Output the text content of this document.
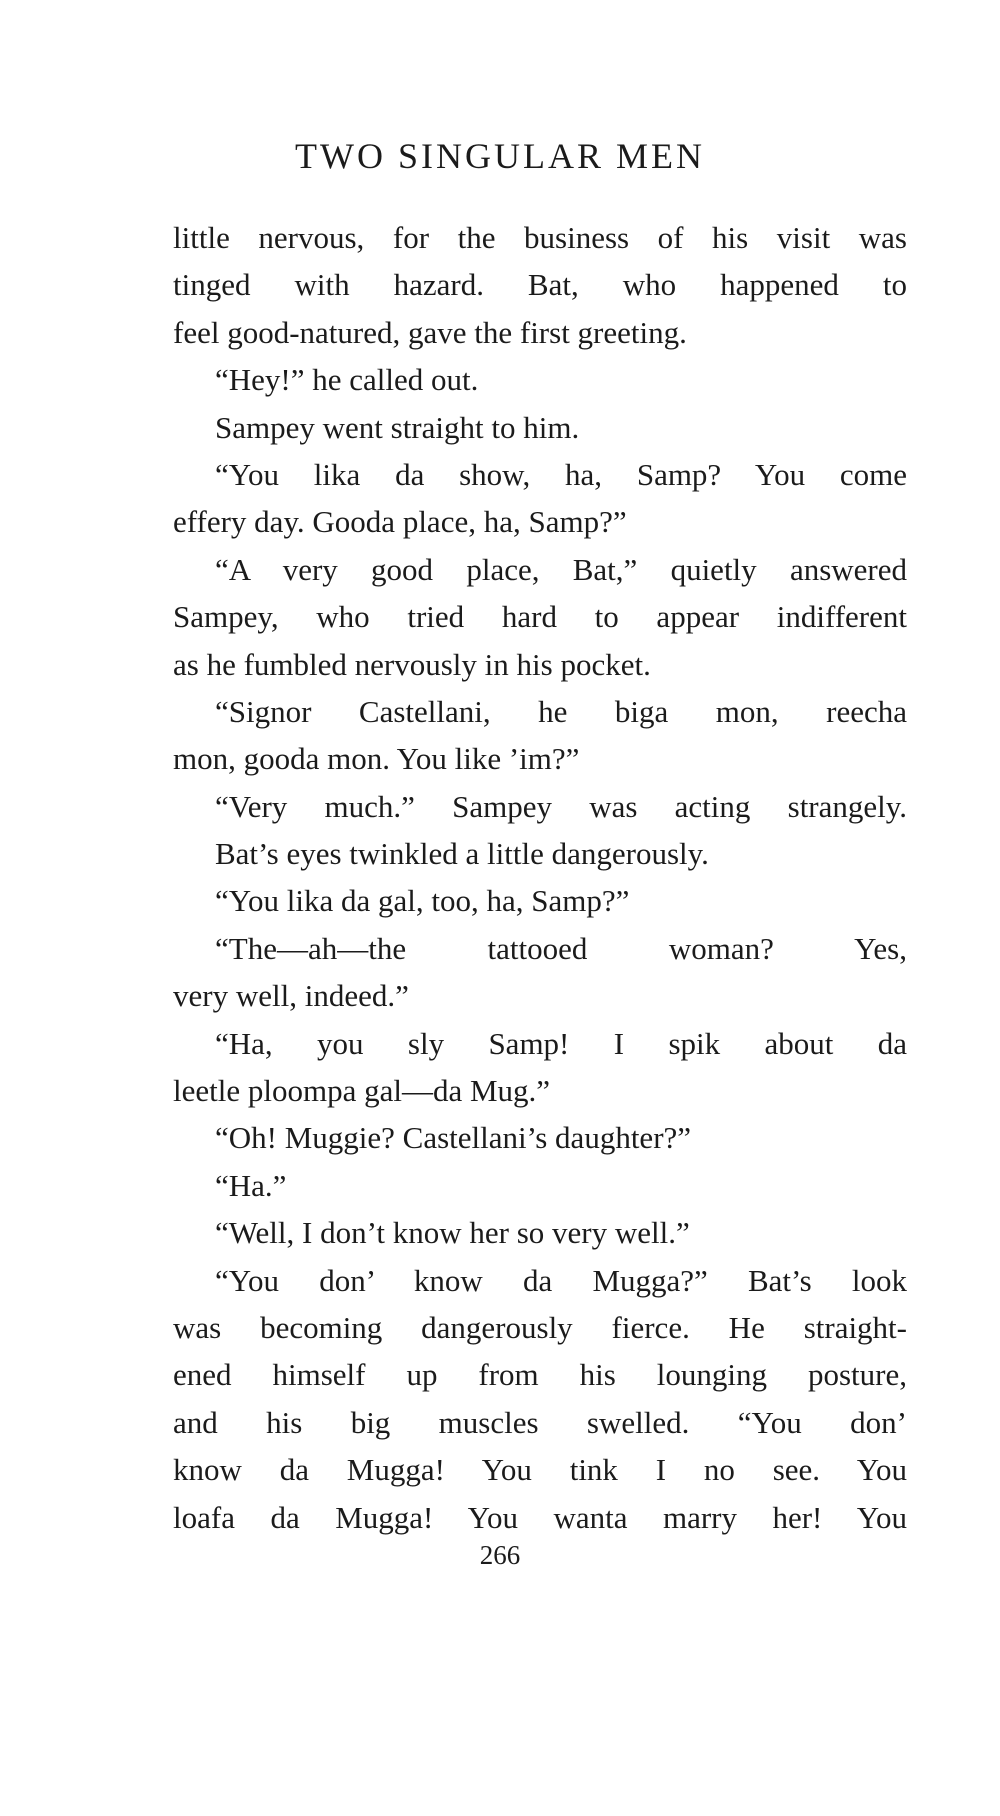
TWO SINGULAR MEN
little nervous, for the business of his visit was
tinged with hazard. Bat, who happened to
feel good-natured, gave the first greeting.
“Hey!” he called out.
Sampey went straight to him.
“You lika da show, ha, Samp? You come
effery day. Gooda place, ha, Samp?”
“A very good place, Bat,” quietly answered
Sampey, who tried hard to appear indifferent
as he fumbled nervously in his pocket.
“Signor Castellani, he biga mon, reecha
mon, gooda mon. You like ’im?”
“Very much.” Sampey was acting strangely.
Bat’s eyes twinkled a little dangerously.
“You lika da gal, too, ha, Samp?”
“The—ah—the tattooed woman? Yes,
very well, indeed.”
“Ha, you sly Samp! I spik about da
leetle ploompa gal—da Mug.”
“Oh! Muggie? Castellani’s daughter?”
“Ha.”
“Well, I don’t know her so very well.”
“You don’ know da Mugga?” Bat’s look
was becoming dangerously fierce. He straight-
ened himself up from his lounging posture,
and his big muscles swelled. “You don’
know da Mugga! You tink I no see. You
loafa da Mugga! You wanta marry her! You
266
